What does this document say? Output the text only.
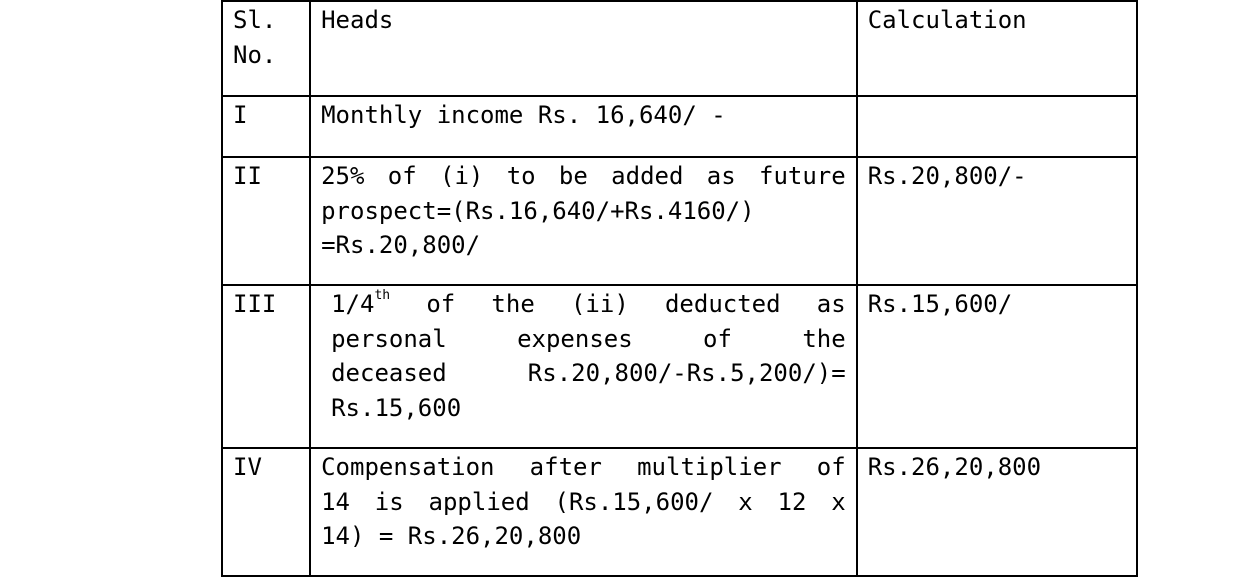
Sl. No.	Heads	Calculation
I	Monthly income Rs. 16,640/ -	
II	25% of (i) to be added as future
prospect=(Rs.16,640/+Rs.4160/)
=Rs.20,800/	Rs.20,800/-
III	1/4th of the (ii) deducted as
personal expenses of the
deceased Rs.20,800/-Rs.5,200/)=
Rs.15,600	Rs.15,600/
IV	Compensation after multiplier of
14 is applied (Rs.15,600/ x 12 x
14) = Rs.26,20,800	Rs.26,20,800
